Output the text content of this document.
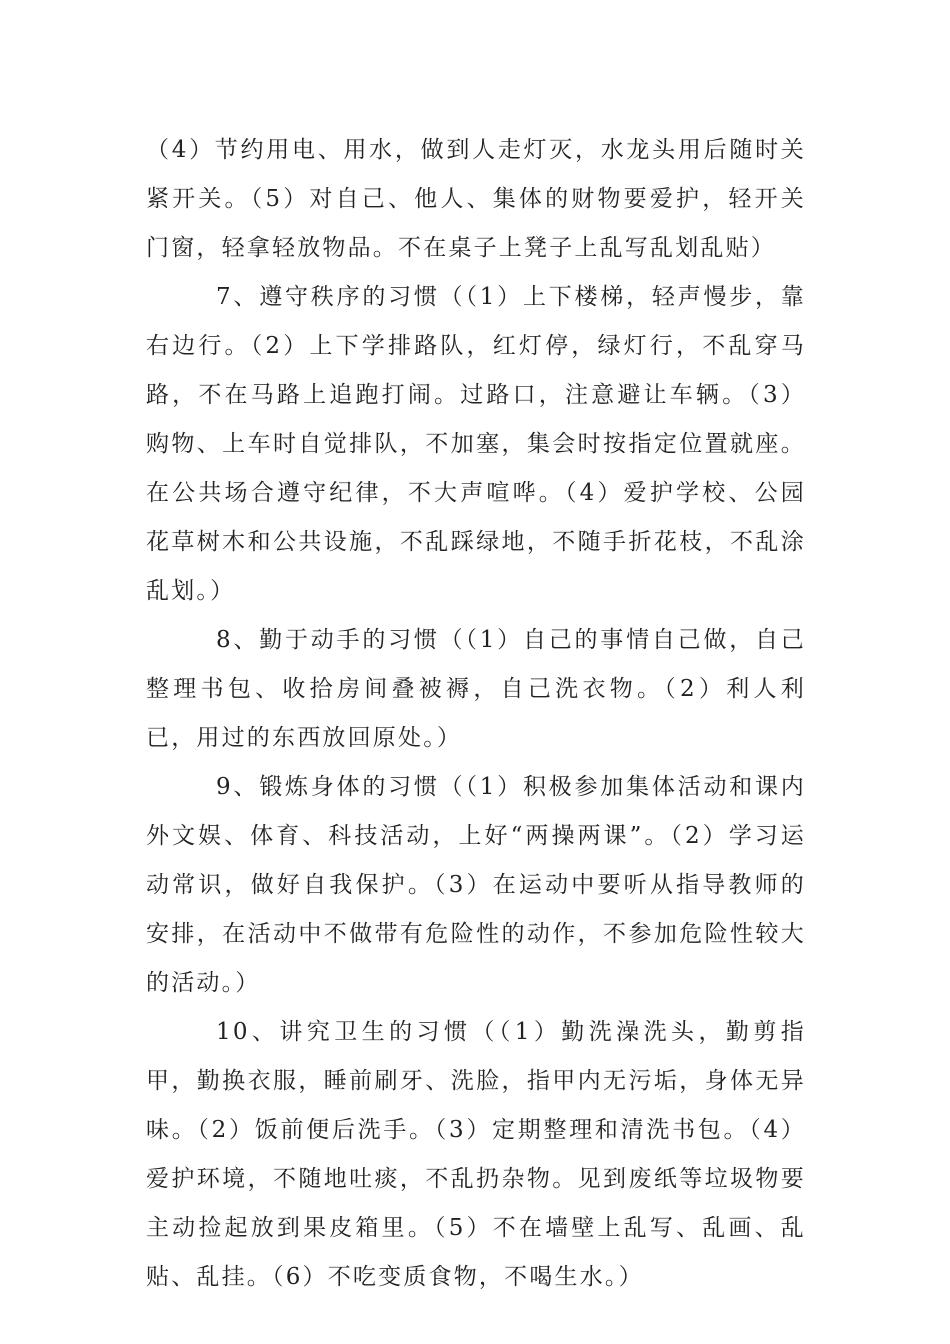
（4）节约用电、用水，做到人走灯灭，水龙头用后随时关紧开关。（5）对自己、他人、集体的财物要爱护，轻开关门窗，轻拿轻放物品。不在桌子上凳子上乱写乱划乱贴）

7、遵守秩序的习惯（（1）上下楼梯，轻声慢步，靠右边行。（2）上下学排路队，红灯停，绿灯行，不乱穿马路，不在马路上追跑打闹。过路口，注意避让车辆。（3）购物、上车时自觉排队，不加塞，集会时按指定位置就座。在公共场合遵守纪律，不大声喧哗。（4）爱护学校、公园花草树木和公共设施，不乱踩绿地，不随手折花枝，不乱涂乱划。）

8、勤于动手的习惯（（1）自己的事情自己做，自己整理书包、收拾房间叠被褥，自己洗衣物。（2）利人利已，用过的东西放回原处。）

9、锻炼身体的习惯（（1）积极参加集体活动和课内外文娱、体育、科技活动，上好“两操两课”。（2）学习运动常识，做好自我保护。（3）在运动中要听从指导教师的安排，在活动中不做带有危险性的动作，不参加危险性较大的活动。）

10、讲究卫生的习惯（（1）勤洗澡洗头，勤剪指甲，勤换衣服，睡前刷牙、洗脸，指甲内无污垢，身体无异味。（2）饭前便后洗手。（3）定期整理和清洗书包。（4）爱护环境，不随地吐痰，不乱扔杂物。见到废纸等垃圾物要主动捡起放到果皮箱里。（5）不在墙壁上乱写、乱画、乱贴、乱挂。（6）不吃变质食物，不喝生水。）
